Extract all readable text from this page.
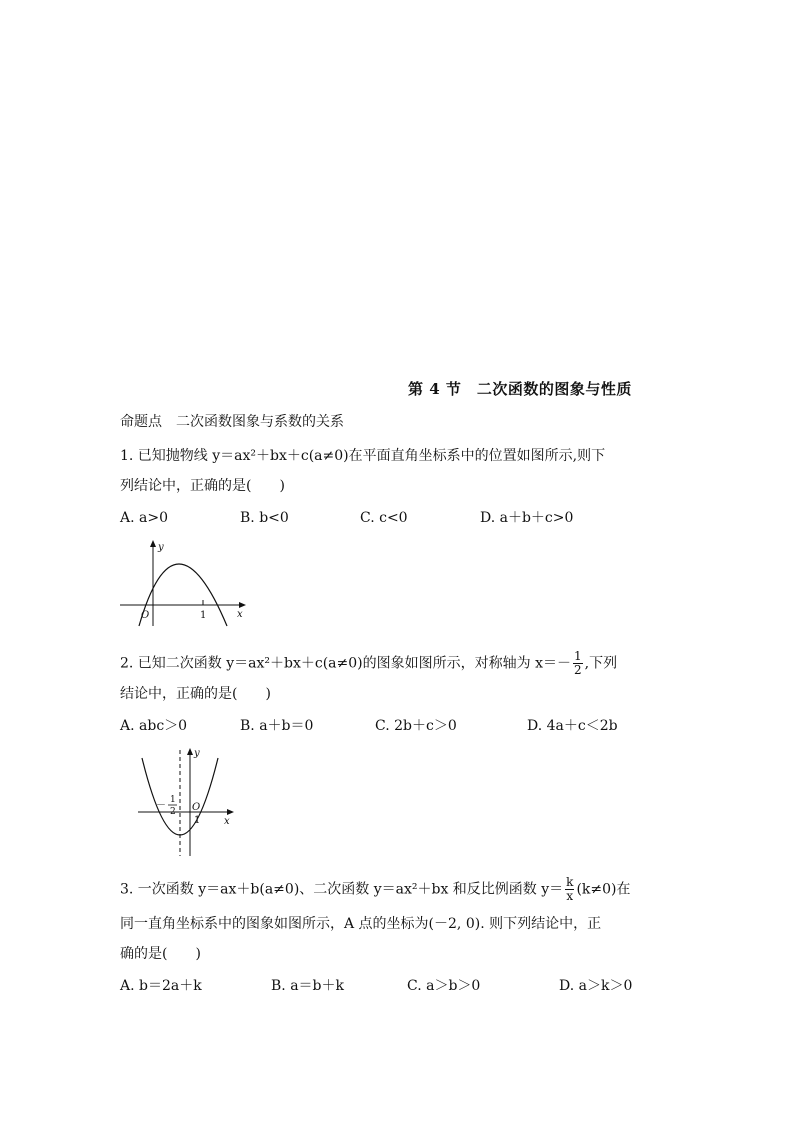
第 4 节　二次函数的图象与性质
命题点　二次函数图象与系数的关系
1. 已知抛物线 y＝ax²＋bx＋c(a≠0)在平面直角坐标系中的位置如图所示,则下
列结论中，正确的是(　　)
A. a>0	B. b<0	C. c<0	D. a＋b＋c>0
y
x
O	1
2. 已知二次函数 y＝ax²＋bx＋c(a≠0)的图象如图所示，对称轴为 $x=- \frac{1}{2}$ ,下列
结论中，正确的是(　　)
A. abc＞0	B. a＋b＝0	C. 2b＋c＞0	D. 4a＋c＜2b
y
x
O
－ 1
2
1
3. 一次函数 y＝ax＋b(a≠0)、二次函数 y＝ax²＋bx 和反比例函数 $y= \frac{k}{x} (k\ne 0)$在
同一直角坐标系中的图象如图所示，A 点的坐标为(－2, 0). 则下列结论中，正
确的是(　　)
A. b＝2a＋k	B. a＝b＋k	C. a＞b＞0	D. a＞k＞0
